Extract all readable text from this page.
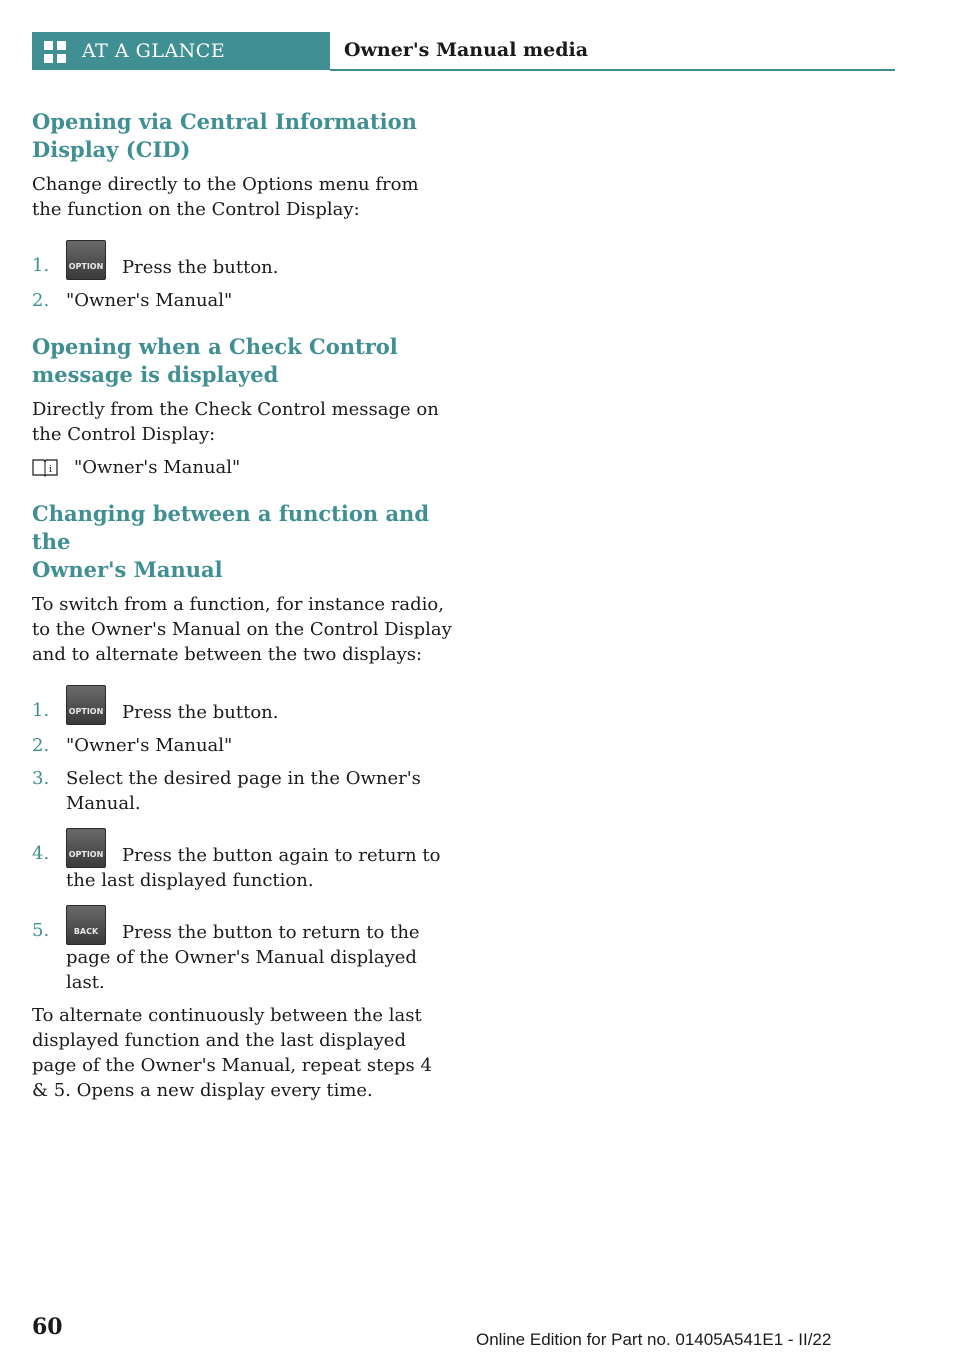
AT A GLANCE	Owner's Manual media
Opening via Central Information
Display (CID)

Change directly to the Options menu from the function on the Control Display:

1. OPTION Press the button.
2. "Owner's Manual"
Opening when a Check Control
message is displayed

Directly from the Check Control message on the Control Display:

i "Owner's Manual"
Changing between a function and the
Owner's Manual

To switch from a function, for instance radio, to the Owner's Manual on the Control Display and to alternate between the two displays:

1. OPTION Press the button.
2. "Owner's Manual"
3. Select the desired page in the Owner's Manual.
4. OPTION Press the button again to return to the last displayed function.
5.	BACK	Press the button to return to the page of the Owner's Manual displayed last.

To alternate continuously between the last displayed function and the last displayed page of the Owner's Manual, repeat steps 4 & 5. Opens a new display every time.

60	Online Edition for Part no. 01405A541E1 - II/22
